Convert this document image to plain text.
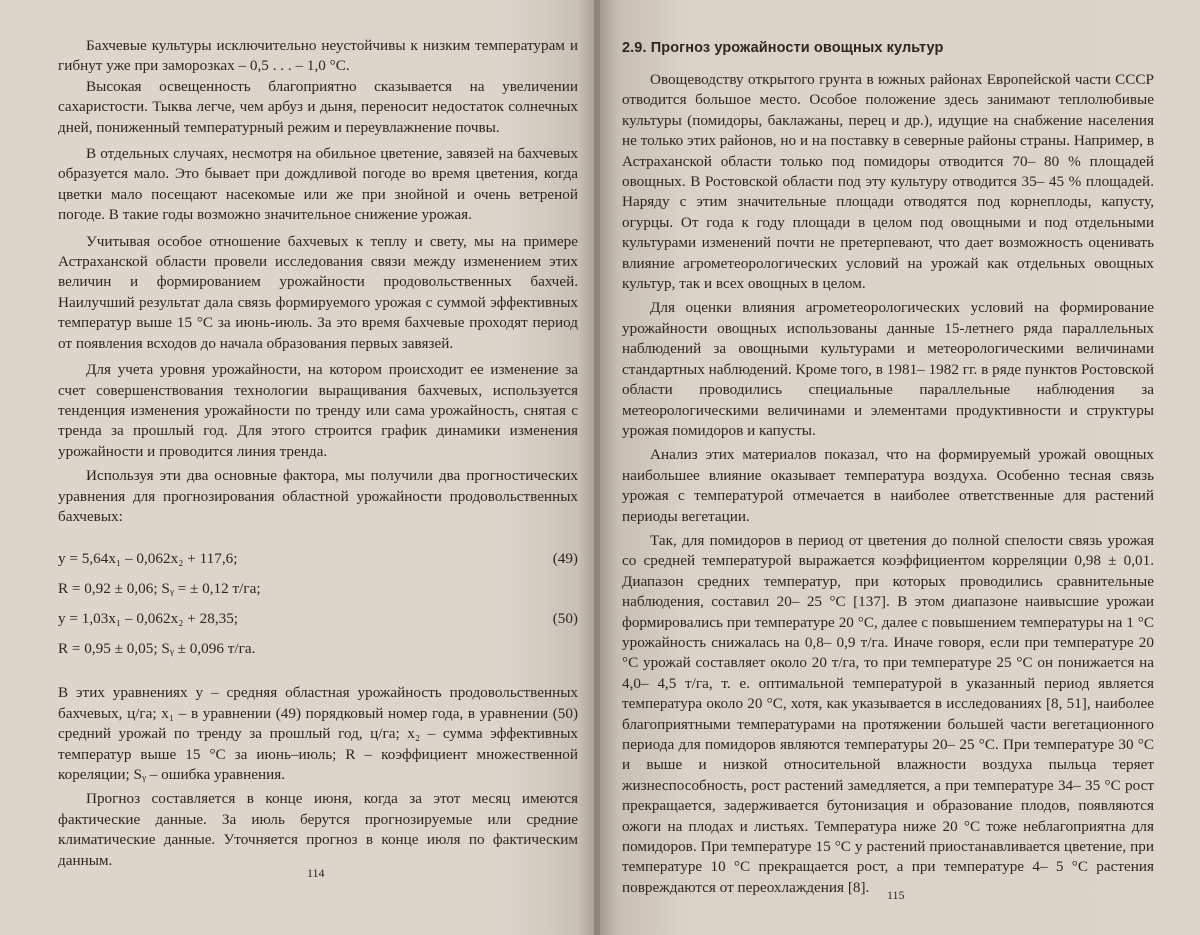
Бахчевые культуры исключительно неустойчивы к низким температурам и гибнут уже при заморозках – 0,5 . . . – 1,0 °С.

Высокая освещенность благоприятно сказывается на увеличении сахаристости. Тыква легче, чем арбуз и дыня, переносит недостаток солнечных дней, пониженный температурный режим и переувлажнение почвы.

В отдельных случаях, несмотря на обильное цветение, завязей на бахчевых образуется мало. Это бывает при дождливой погоде во время цветения, когда цветки мало посещают насекомые или же при знойной и очень ветреной погоде. В такие годы возможно значительное снижение урожая.

Учитывая особое отношение бахчевых к теплу и свету, мы на примере Астраханской области провели исследования связи между изменением этих величин и формированием урожайности продовольственных бахчей. Наилучший результат дала связь формируемого урожая с суммой эффективных температур выше 15 °С за июнь-июль. За это время бахчевые проходят период от появления всходов до начала образования первых завязей.

Для учета уровня урожайности, на котором происходит ее изменение за счет совершенствования технологии выращивания бахчевых, используется тенденция изменения урожайности по тренду или сама урожайность, снятая с тренда за прошлый год. Для этого строится график динамики изменения урожайности и проводится линия тренда.

Используя эти два основные фактора, мы получили два прогностических уравнения для прогнозирования областной урожайности продовольственных бахчевых:

y = 5,64x₁ – 0,062x₂ + 117,6;	(49)
R = 0,92 ± 0,06; Sᵧ = ± 0,12 т/га;
y = 1,03x₁ – 0,062x₂ + 28,35;	(50)
R = 0,95 ± 0,05; Sᵧ ± 0,096 т/га.

В этих уравнениях y – средняя областная урожайность продовольственных бахчевых, ц/га; x₁ – в уравнении (49) порядковый номер года, в уравнении (50) средний урожай по тренду за прошлый год, ц/га; x₂ – сумма эффективных температур выше 15 °С за июнь–июль; R – коэффициент множественной кореляции; Sᵧ – ошибка уравнения.

Прогноз составляется в конце июня, когда за этот месяц имеются фактические данные. За июль берутся прогнозируемые или средние климатические данные. Уточняется прогноз в конце июля по фактическим данным.

114
2.9. Прогноз урожайности овощных культур

Овощеводству открытого грунта в южных районах Европейской части СССР отводится большое место. Особое положение здесь занимают теплолюбивые культуры (помидоры, баклажаны, перец и др.), идущие на снабжение населения не только этих районов, но и на поставку в северные районы страны. Например, в Астраханской области только под помидоры отводится 70– 80 % площадей овощных. В Ростовской области под эту культуру отводится 35– 45 % площадей. Наряду с этим значительные площади отводятся под корнеплоды, капусту, огурцы. От года к году площади в целом под овощными и под отдельными культурами изменений почти не претерпевают, что дает возможность оценивать влияние агрометеорологических условий на урожай как отдельных овощных культур, так и всех овощных в целом.

Для оценки влияния агрометеорологических условий на формирование урожайности овощных использованы данные 15-летнего ряда параллельных наблюдений за овощными культурами и метеорологическими величинами стандартных наблюдений. Кроме того, в 1981– 1982 гг. в ряде пунктов Ростовской области проводились специальные параллельные наблюдения за метеорологическими величинами и элементами продуктивности и структуры урожая помидоров и капусты.

Анализ этих материалов показал, что на формируемый урожай овощных наибольшее влияние оказывает температура воздуха. Особенно тесная связь урожая с температурой отмечается в наиболее ответственные для растений периоды вегетации.

Так, для помидоров в период от цветения до полной спелости связь урожая со средней температурой выражается коэффициентом корреляции 0,98 ± 0,01. Диапазон средних температур, при которых проводились сравнительные наблюдения, составил 20– 25 °С [137]. В этом диапазоне наивысшие урожаи формировались при температуре 20 °С, далее с повышением температуры на 1 °С урожайность снижалась на 0,8– 0,9 т/га. Иначе говоря, если при температуре 20 °С урожай составляет около 20 т/га, то при температуре 25 °С он понижается на 4,0– 4,5 т/га, т. е. оптимальной температурой в указанный период является температура около 20 °С, хотя, как указывается в исследованиях [8, 51], наиболее благоприятными температурами на протяжении большей части вегетационного периода для помидоров являются температуры 20– 25 °С. При температуре 30 °С и выше и низкой относительной влажности воздуха пыльца теряет жизнеспособность, рост растений замедляется, а при температуре 34– 35 °С рост прекращается, задерживается бутонизация и образование плодов, появляются ожоги на плодах и листьях. Температура ниже 20 °С тоже неблагоприятна для помидоров. При температуре 15 °С у растений приостанавливается цветение, при температуре 10 °С прекращается рост, а при температуре 4– 5 °С растения повреждаются от переохлаждения [8].	115
